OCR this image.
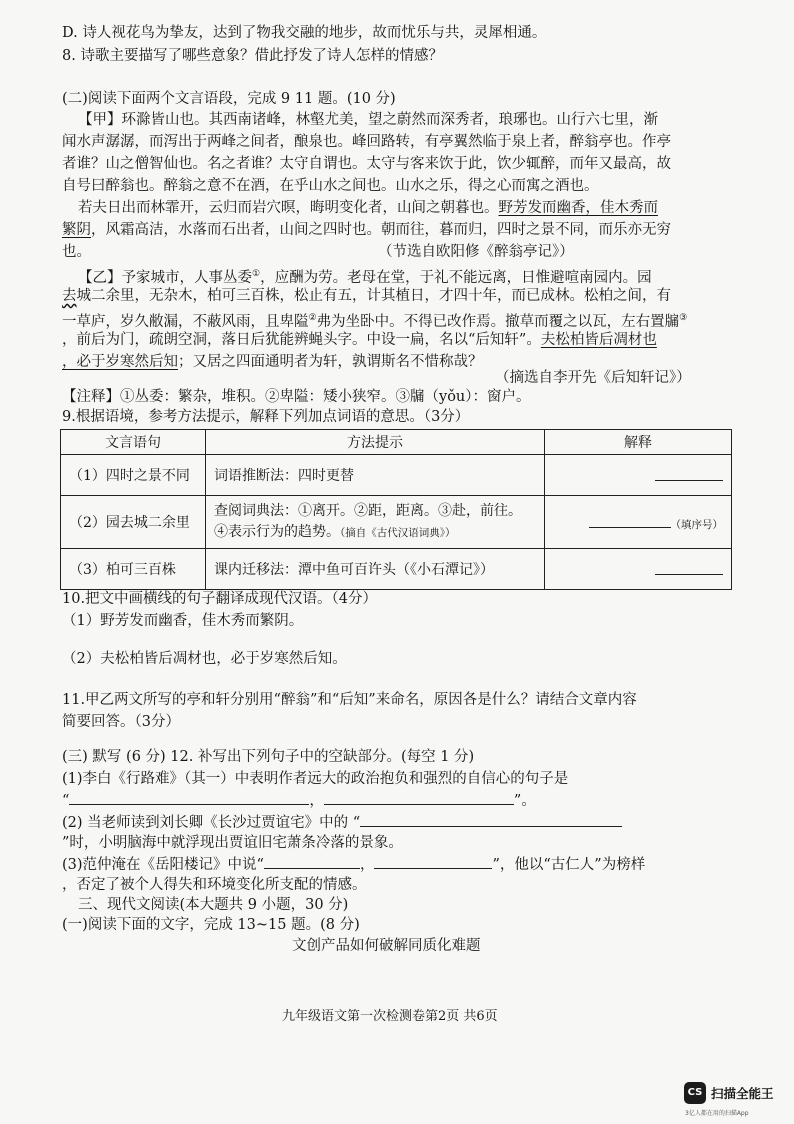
D. 诗人视花鸟为挚友，达到了物我交融的地步，故而忧乐与共，灵犀相通。
8. 诗歌主要描写了哪些意象？借此抒发了诗人怎样的情感？
(二)阅读下面两个文言语段，完成 9 11 题。(10 分)
【甲】环滁皆山也。其西南诸峰，林壑尤美，望之蔚然而深秀者，琅琊也。山行六七里，渐
闻水声潺潺，而泻出于两峰之间者，酿泉也。峰回路转，有亭翼然临于泉上者，醉翁亭也。作亭
者谁？山之僧智仙也。名之者谁？太守自谓也。太守与客来饮于此，饮少辄醉，而年又最高，故
自号曰醉翁也。醉翁之意不在酒，在乎山水之间也。山水之乐，得之心而寓之酒也。
若夫日出而林霏开，云归而岩穴暝，晦明变化者，山间之朝暮也。野芳发而幽香，佳木秀而
繁阴，风霜高洁，水落而石出者，山间之四时也。朝而往，暮而归，四时之景不同，而乐亦无穷
也。	（节选自欧阳修《醉翁亭记》）
【乙】予家城市，人事丛委①，应酬为劳。老母在堂，于礼不能远离，日惟避喧南园内。园
去城二余里，无杂木，柏可三百株，松止有五，计其植日，才四十年，而已成林。松柏之间，有
一草庐，岁久敝漏，不蔽风雨，且卑隘②弗为坐卧中。不得已改作焉。撤草而覆之以瓦，左右置牖③
，前后为门，疏朗空洞，落日后犹能辨蝇头字。中设一扁，名以“后知轩”。夫松柏皆后凋材也
，必于岁寒然后知；又居之四面通明者为轩，孰谓斯名不惜称哉？
（摘选自李开先《后知轩记》）
【注释】①丛委：繁杂，堆积。②卑隘：矮小狭窄。③牖（yǒu）：窗户。
9.根据语境，参考方法提示，解释下列加点词语的意思。（3分）
文言语句	方法提示	解释
（1）四时之景不同	词语推断法：四时更替	
（2）园去城二余里	查阅词典法：①离开。②距，距离。③赴，前往。
④表示行为的趋势。（摘自《古代汉语词典》）	（填序号）
（3）柏可三百株	课内迁移法：潭中鱼可百许头（《小石潭记》）	
10.把文中画横线的句子翻译成现代汉语。（4分）
（1）野芳发而幽香，佳木秀而繁阴。
（2）夫松柏皆后凋材也，必于岁寒然后知。
11.甲乙两文所写的亭和轩分别用“醉翁”和“后知”来命名，原因各是什么？请结合文章内容
简要回答。（3分）
(三) 默写 (6 分) 12. 补写出下列句子中的空缺部分。(每空 1 分)
(1)李白《行路难》（其一）中表明作者远大的政治抱负和强烈的自信心的句子是
“	，	”。
(2) 当老师读到刘长卿《长沙过贾谊宅》中的 “
”时，小明脑海中就浮现出贾谊旧宅萧条冷落的景象。
(3)范仲淹在《岳阳楼记》中说“	，	”，他以“古仁人”为榜样
，否定了被个人得失和环境变化所支配的情感。
三、现代文阅读(本大题共 9 小题，30 分)
(一)阅读下面的文字，完成 13~15 题。(8 分)
文创产品如何破解同质化难题
九年级语文第一次检测卷第2页 共6页
CS 扫描全能王
3亿人都在用的扫描App
